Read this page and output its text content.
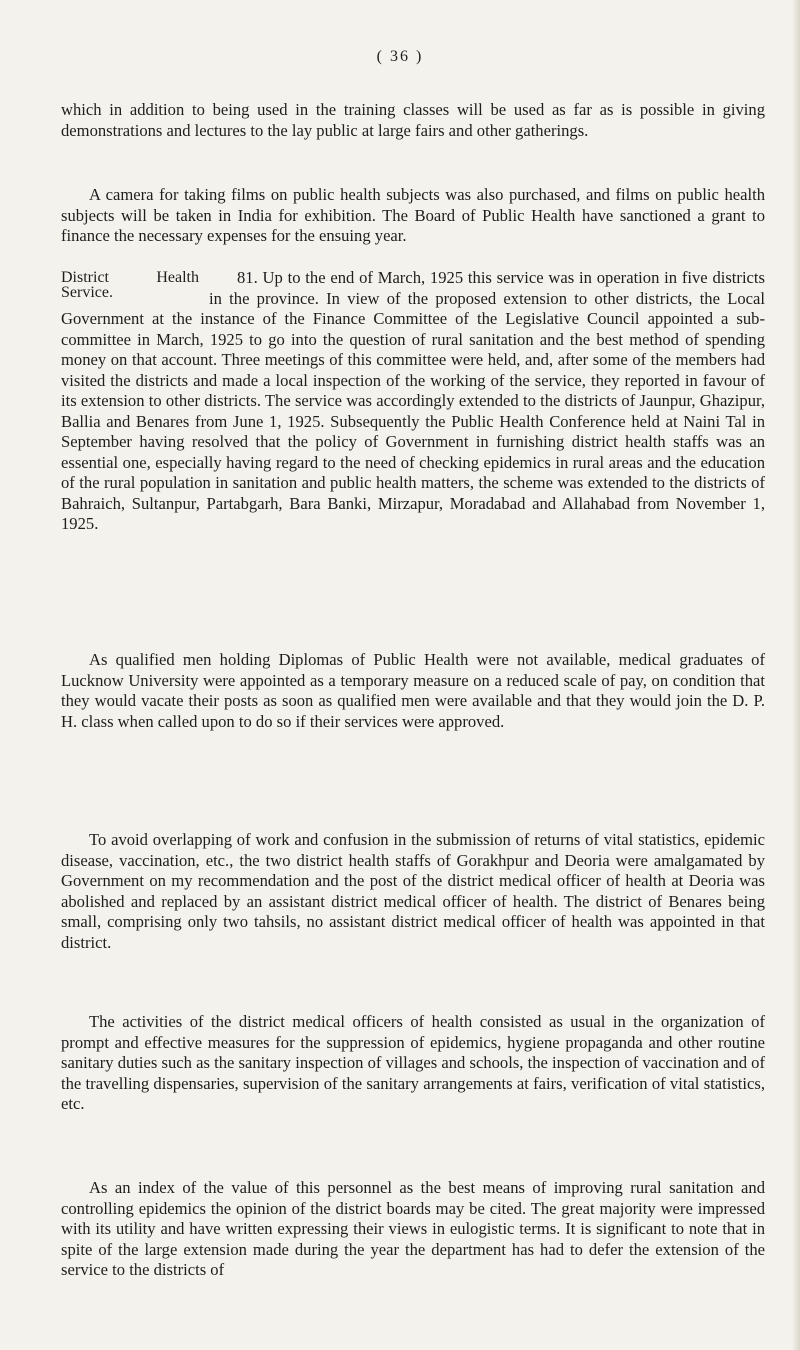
( 36 )

which in addition to being used in the training classes will be used as far as is possible in giving demonstrations and lectures to the lay public at large fairs and other gatherings.

A camera for taking films on public health subjects was also purchased, and films on public health subjects will be taken in India for exhibition. The Board of Public Health have sanctioned a grant to finance the necessary expenses for the ensuing year.

District Health Service.
81. Up to the end of March, 1925 this service was in operation in five districts in the province. In view of the proposed extension to other districts, the Local Government at the instance of the Finance Committee of the Legislative Council appointed a sub-committee in March, 1925 to go into the question of rural sanitation and the best method of spending money on that account. Three meetings of this committee were held, and, after some of the members had visited the districts and made a local inspection of the working of the service, they reported in favour of its extension to other districts. The service was accordingly extended to the districts of Jaunpur, Ghazipur, Ballia and Benares from June 1, 1925. Subsequently the Public Health Conference held at Naini Tal in September having resolved that the policy of Government in furnishing district health staffs was an essential one, especially having regard to the need of checking epidemics in rural areas and the education of the rural population in sanitation and public health matters, the scheme was extended to the districts of Bahraich, Sultanpur, Partabgarh, Bara Banki, Mirzapur, Moradabad and Allahabad from November 1, 1925.

As qualified men holding Diplomas of Public Health were not available, medical graduates of Lucknow University were appointed as a temporary measure on a reduced scale of pay, on condition that they would vacate their posts as soon as qualified men were available and that they would join the D. P. H. class when called upon to do so if their services were approved.

To avoid overlapping of work and confusion in the submission of returns of vital statistics, epidemic disease, vaccination, etc., the two district health staffs of Gorakhpur and Deoria were amalgamated by Government on my recommendation and the post of the district medical officer of health at Deoria was abolished and replaced by an assistant district medical officer of health. The district of Benares being small, comprising only two tahsils, no assistant district medical officer of health was appointed in that district.

The activities of the district medical officers of health consisted as usual in the organization of prompt and effective measures for the suppression of epidemics, hygiene propaganda and other routine sanitary duties such as the sanitary inspection of villages and schools, the inspection of vaccination and of the travelling dispensaries, supervision of the sanitary arrangements at fairs, verification of vital statistics, etc.

As an index of the value of this personnel as the best means of improving rural sanitation and controlling epidemics the opinion of the district boards may be cited. The great majority were impressed with its utility and have written expressing their views in eulogistic terms. It is significant to note that in spite of the large extension made during the year the department has had to defer the extension of the service to the districts of
